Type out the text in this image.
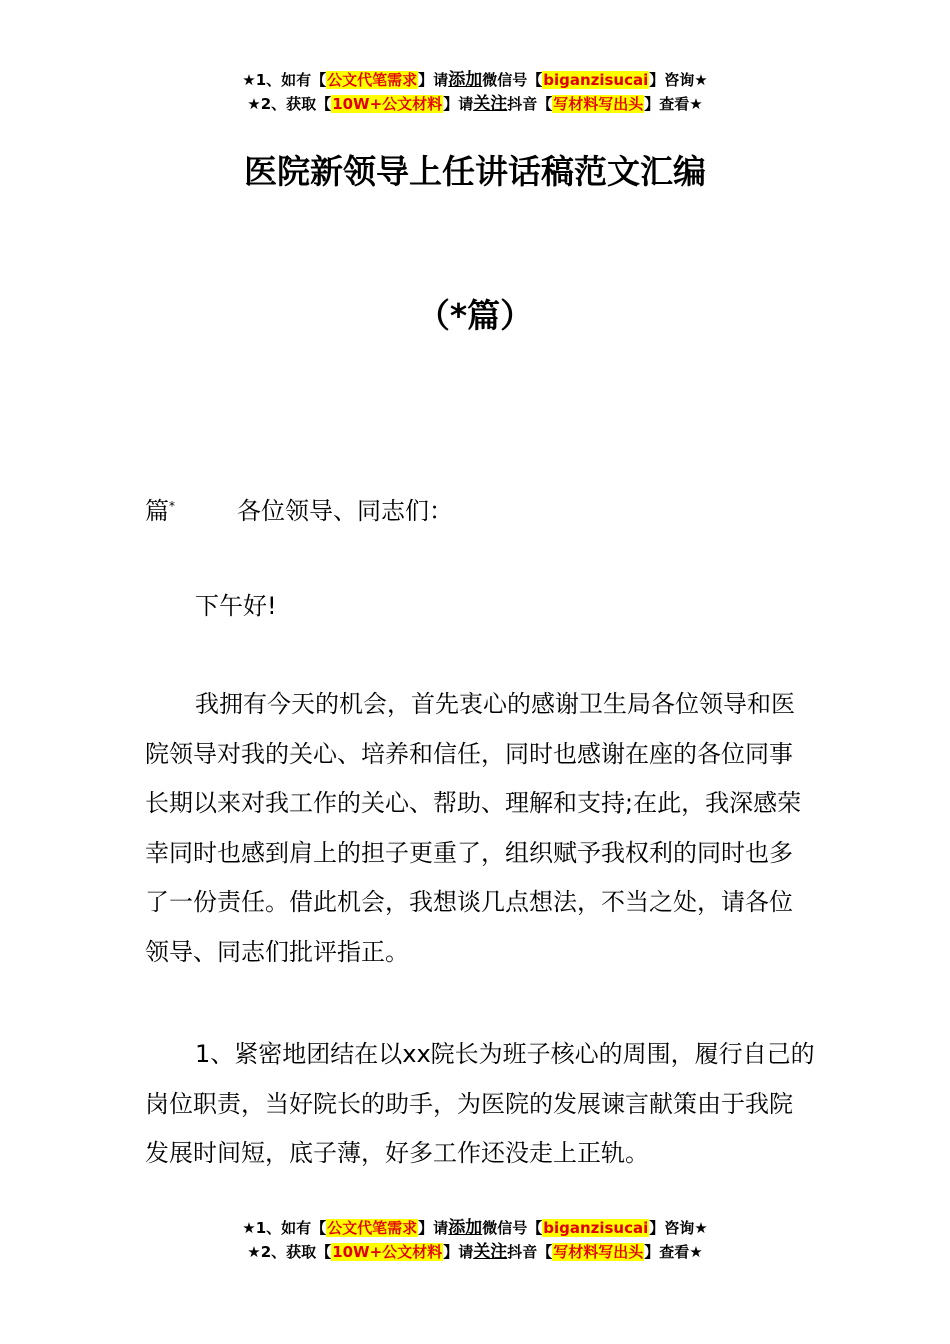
★1、如有【公文代笔需求】请添加微信号【biganzisucai】咨询★
★2、获取【10W+公文材料】请关注抖音【写材料写出头】查看★
医院新领导上任讲话稿范文汇编
（*篇）

篇*	各位领导、同志们：

下午好!

我拥有今天的机会，首先衷心的感谢卫生局各位领导和医院领导对我的关心、培养和信任，同时也感谢在座的各位同事长期以来对我工作的关心、帮助、理解和支持;在此，我深感荣幸同时也感到肩上的担子更重了，组织赋予我权利的同时也多了一份责任。借此机会，我想谈几点想法，不当之处，请各位领导、同志们批评指正。

1、紧密地团结在以xx院长为班子核心的周围，履行自己的岗位职责，当好院长的助手，为医院的发展谏言献策由于我院发展时间短，底子薄，好多工作还没走上正轨。

★1、如有【公文代笔需求】请添加微信号【biganzisucai】咨询★
★2、获取【10W+公文材料】请关注抖音【写材料写出头】查看★
